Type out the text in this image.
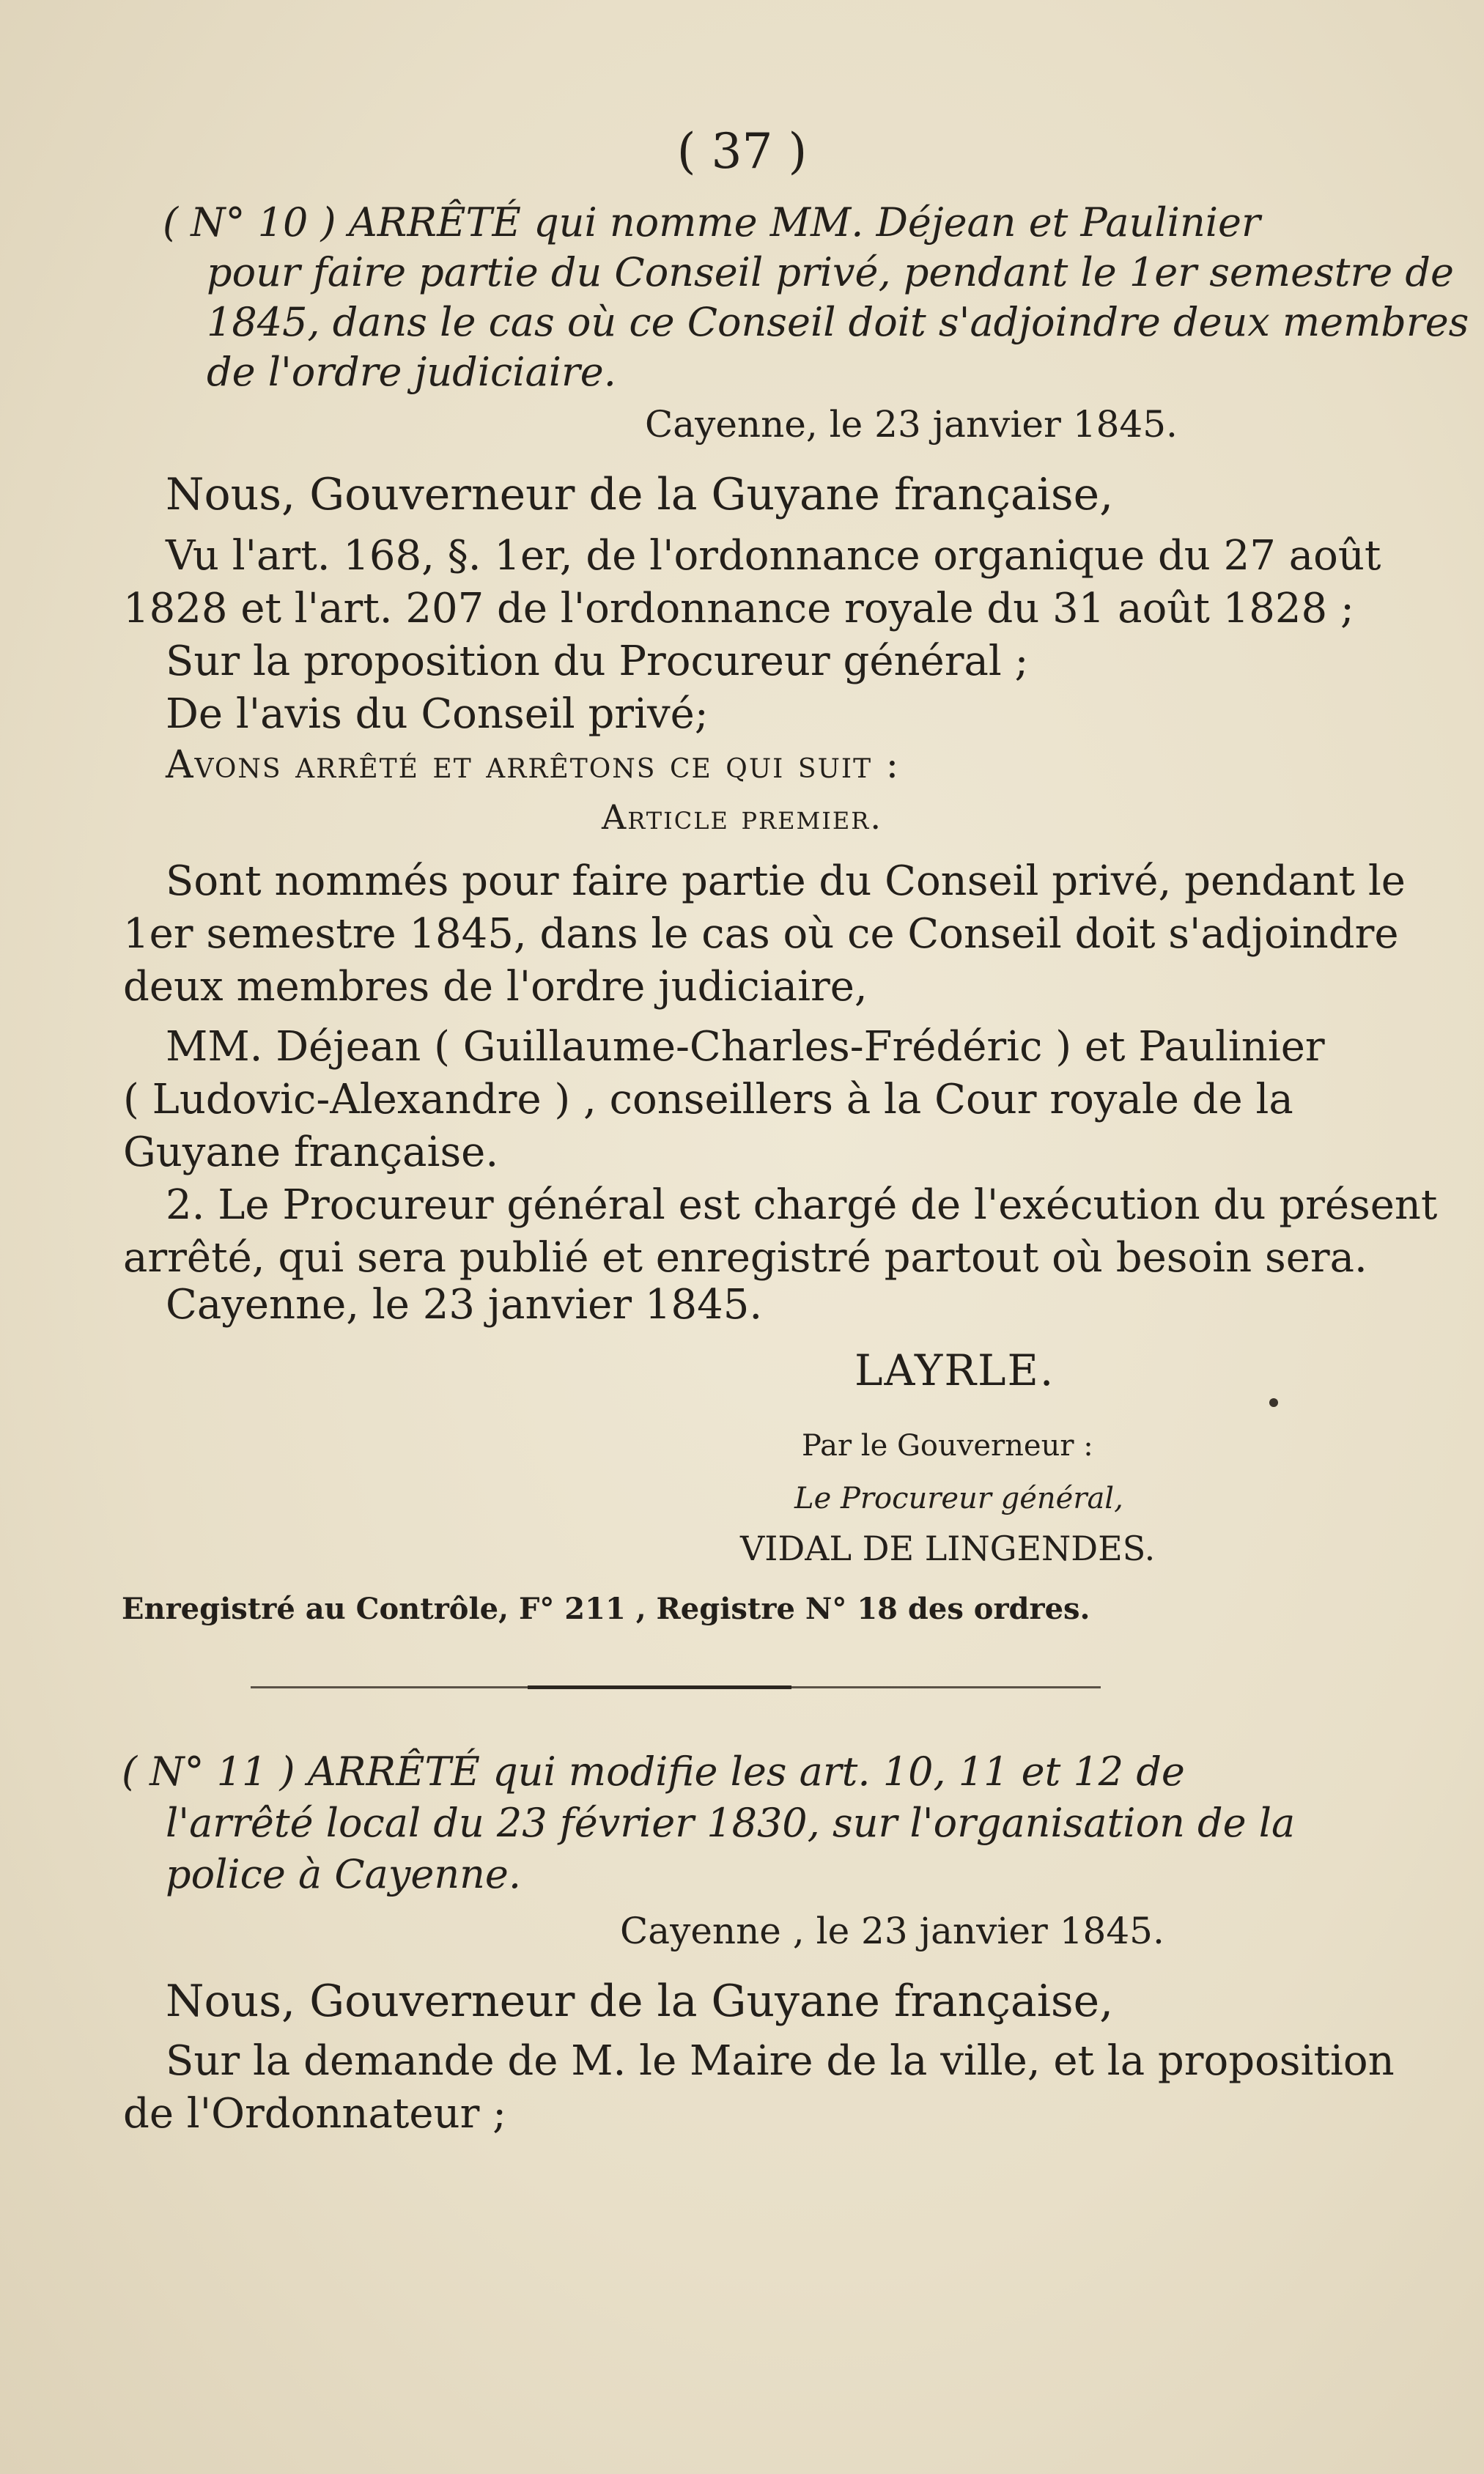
( 37 )
( N° 10 ) ARRÊTÉ qui nomme MM. Déjean et Paulinier
pour faire partie du Conseil privé, pendant le 1er semestre de
1845, dans le cas où ce Conseil doit s'adjoindre deux membres
de l'ordre judiciaire.
Cayenne, le 23 janvier 1845.
Nous, Gouverneur de la Guyane française,
Vu l'art. 168, §. 1er, de l'ordonnance organique du 27 août
1828 et l'art. 207 de l'ordonnance royale du 31 août 1828 ;
Sur la proposition du Procureur général ;
De l'avis du Conseil privé;
Avons arrêté et arrêtons ce qui suit :
Article premier.
Sont nommés pour faire partie du Conseil privé, pendant le
1er semestre 1845, dans le cas où ce Conseil doit s'adjoindre
deux membres de l'ordre judiciaire,
MM. Déjean ( Guillaume-Charles-Frédéric ) et Paulinier
( Ludovic-Alexandre ) , conseillers à la Cour royale de la
Guyane française.
2. Le Procureur général est chargé de l'exécution du présent
arrêté, qui sera publié et enregistré partout où besoin sera.
Cayenne, le 23 janvier 1845.
LAYRLE.
Par le Gouverneur :
Le Procureur général,
VIDAL DE LINGENDES.
Enregistré au Contrôle, F° 211 , Registre N° 18 des ordres.
( N° 11 ) ARRÊTÉ qui modifie les art. 10, 11 et 12 de
l'arrêté local du 23 février 1830, sur l'organisation de la
police à Cayenne.
Cayenne , le 23 janvier 1845.
Nous, Gouverneur de la Guyane française,
Sur la demande de M. le Maire de la ville, et la proposition
de l'Ordonnateur ;
